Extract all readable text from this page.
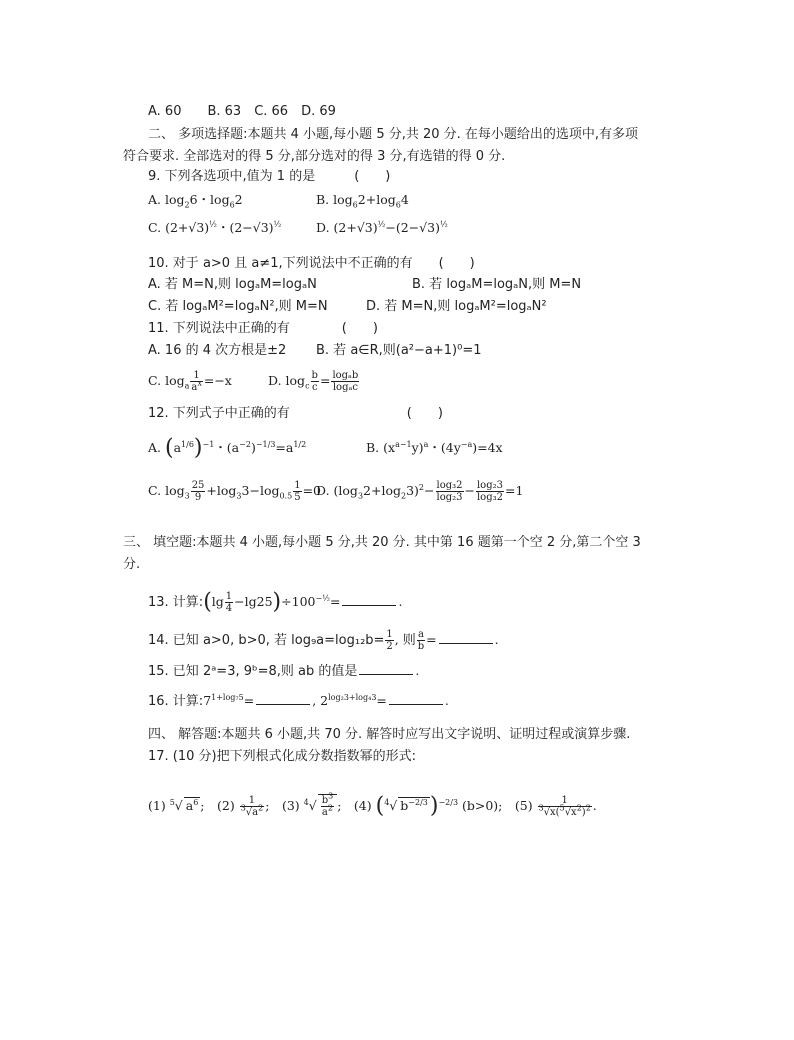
A. 60　　B. 63　C. 66　D. 69
二、 多项选择题:本题共 4 小题,每小题 5 分,共 20 分. 在每小题给出的选项中,有多项
符合要求. 全部选对的得 5 分,部分选对的得 3 分,有选错的得 0 分.
9. 下列各选项中,值为 1 的是　　　(　　)
A. $\log_26$・$\log_62$	B. $\log_62+\log_64$
C. $(2+√3)^{\frac{1}{2}}$・$(2-√3)^{\frac{1}{2}}$	D. $(2+√3)^{\frac{1}{2}}-(2-√3)^{\frac{1}{2}}$
10. 对于 a>0 且 a≠1,下列说法中不正确的有　　(　　)
A. 若 M=N,则 logₐM=logₐN	B. 若 logₐM=logₐN,则 M=N
C. 若 logₐM²=logₐN²,则 M=N	D. 若 M=N,则 logₐM²=logₐN²
11. 下列说法中正确的有　　　　(　　)
A. 16 的 4 次方根是±2 B. 若 a∈R,则(a²−a+1)⁰=1
C. $\log_a \frac{1}{a^x} =-x$	D. $\log_c \frac{b}{c} = \frac{\text{logₐb}}{\text{logₐc}}$
12. 下列式子中正确的有　　　　　　　　　(　　)
A. $(a^{1/6})^{-1}$・$(a^{-2})^{-1/3}=a^{1/2}$	B. $(x^{a-1}y)^a$・$(4y^{-a})=4x$
C. $\log_3 \frac{25}{9} +\log_33-\log_{0.5} \frac{1}{5} =0$
D. $(\log_32+\log_23)^2- \frac{\text{log₃2}}{\text{log₂3}} - \frac{\text{log₂3}}{\text{log₃2}} =1$
三、 填空题:本题共 4 小题,每小题 5 分,共 20 分. 其中第 16 题第一个空 2 分,第二个空 3
分.
13. 计算:(lg $\frac{1}{4} -\lg 25)\div 100^{-\frac{1}{2}}=$	.
14. 已知 a>0, b>0, 若 $\log_9a=\log_{12}b= \frac{1}{2}$ , 则 $\frac{a}{b}$ =	.
15. 已知 2ᵃ=3, 9ᵇ=8,则 ab 的值是	.
16. 计算$:7^{1+log_75}=$	, $2^{log_23+log_43}=$	.
四、 解答题:本题共 6 小题,共 70 分. 解答时应写出文字说明、证明过程或演算步骤.
17. (10 分)把下列根式化成分数指数幂的形式:
(1) $^5$√ $a^6$ ;　$(2) \frac{1}{^3√a^2}$ ;　(3) $^4√ \frac{b^3}{a^2}$ ;　(4) ($^4$√ $b^{-2/3})^{-2/3}$ (b>0);　$(5) \frac{1}{^3√x(^5√x^2)^2}$ .
